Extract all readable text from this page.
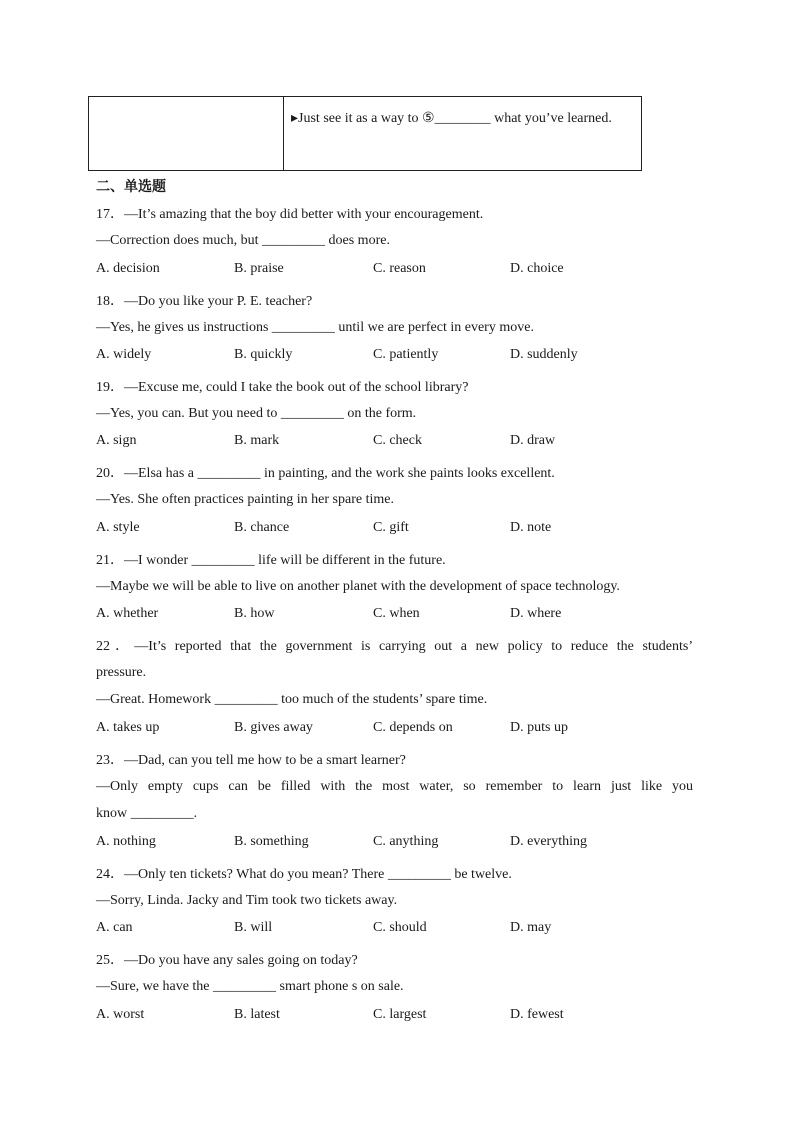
▸Just see it as a way to ⑤________ what you’ve learned.
二、单选题
17．—It’s amazing that the boy did better with your encouragement.
—Correction does much, but _________ does more.
A. decision	B. praise	C. reason	D. choice
18．—Do you like your P. E. teacher?
—Yes, he gives us instructions _________ until we are perfect in every move.
A. widely	B. quickly	C. patiently	D. suddenly
19．—Excuse me, could I take the book out of the school library?
—Yes, you can. But you need to _________ on the form.
A. sign	B. mark	C. check	D. draw
20．—Elsa has a _________ in painting, and the work she paints looks excellent.
—Yes. She often practices painting in her spare time.
A. style	B. chance	C. gift	D. note
21．—I wonder _________ life will be different in the future.
—Maybe we will be able to live on another planet with the development of space technology.
A. whether	B. how	C. when	D. where
22．—It’s reported that the government is carrying out a new policy to reduce the students’
pressure.
—Great. Homework _________ too much of the students’ spare time.
A. takes up	B. gives away	C. depends on	D. puts up
23．—Dad, can you tell me how to be a smart learner?
—Only empty cups can be filled with the most water, so remember to learn just like you
know _________.
A. nothing	B. something	C. anything	D. everything
24．—Only ten tickets? What do you mean? There _________ be twelve.
—Sorry, Linda. Jacky and Tim took two tickets away.
A. can	B. will	C. should	D. may
25．—Do you have any sales going on today?
—Sure, we have the _________ smart phone s on sale.
A. worst	B. latest	C. largest	D. fewest
